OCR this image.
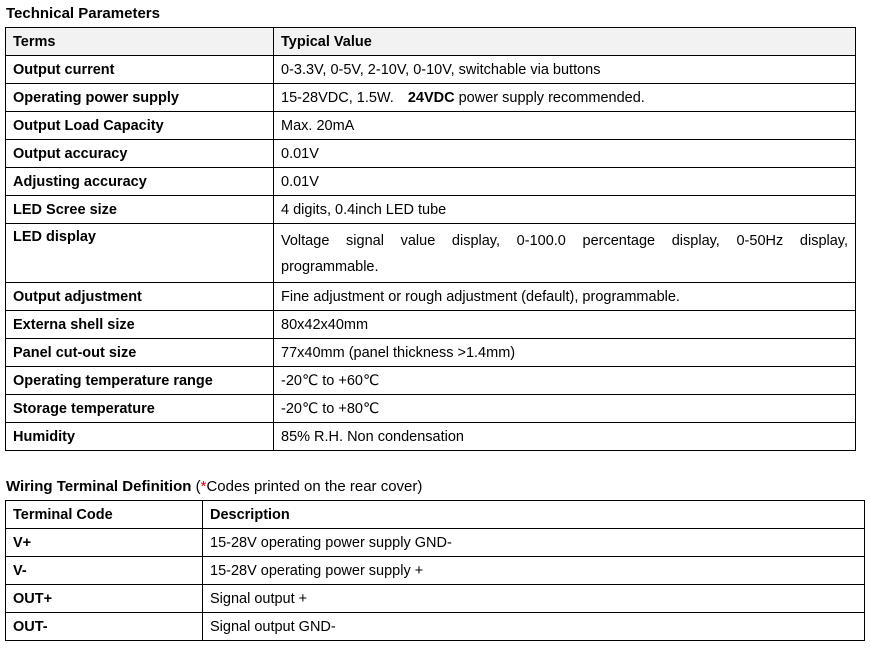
Technical Parameters
Terms	Typical Value
Output current	0-3.3V, 0-5V, 2-10V, 0-10V, switchable via buttons
Operating power supply	15-28VDC, 1.5W. 24VDC power supply recommended.
Output Load Capacity	Max. 20mA
Output accuracy	0.01V
Adjusting accuracy	0.01V
LED Scree size	4 digits, 0.4inch LED tube
LED display	Voltage signal value display, 0-100.0 percentage display, 0-50Hz display, programmable.
Output adjustment	Fine adjustment or rough adjustment (default), programmable.
Externa shell size	80x42x40mm
Panel cut-out size	77x40mm (panel thickness >1.4mm)
Operating temperature range	-20℃ to +60℃
Storage temperature	-20℃ to +80℃
Humidity	85% R.H. Non condensation
Wiring Terminal Definition (*Codes printed on the rear cover)
Terminal Code	Description
V+	15-28V operating power supply GND-
V-	15-28V operating power supply +
OUT+	Signal output +
OUT-	Signal output GND-
